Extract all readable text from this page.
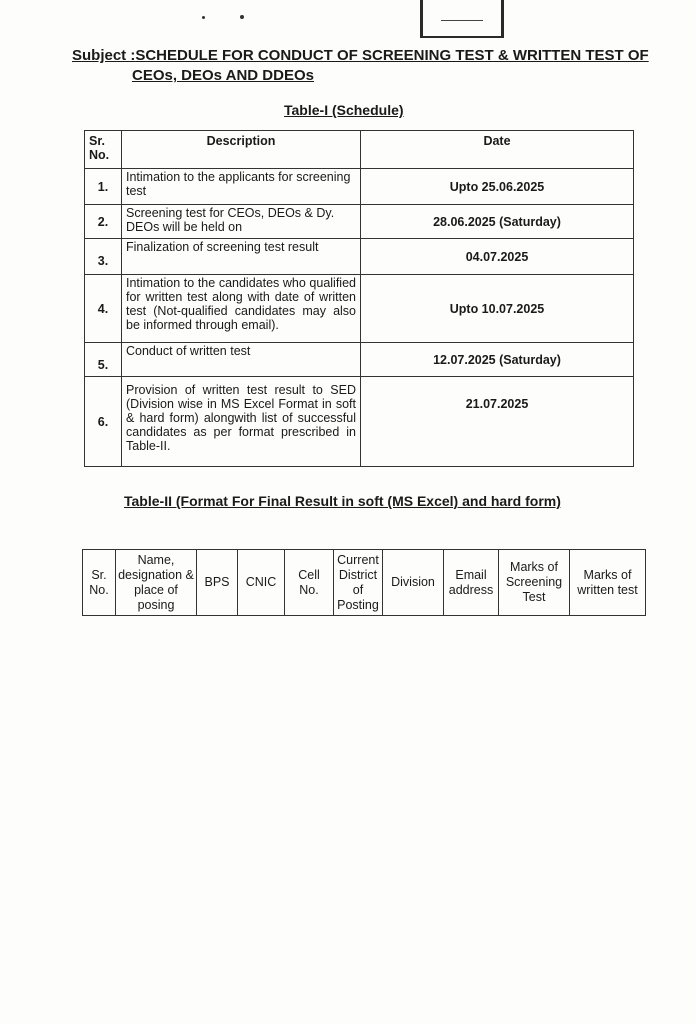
Subject :SCHEDULE FOR CONDUCT OF SCREENING TEST & WRITTEN TEST OF
CEOs, DEOs AND DDEOs
Table-I (Schedule)
Sr. No.	Description	Date
1.	Intimation to the applicants for screening test	Upto 25.06.2025
2.	Screening test for CEOs, DEOs & Dy. DEOs will be held on	28.06.2025 (Saturday)
3.	Finalization of screening test result	04.07.2025
4.	Intimation to the candidates who qualified for written test along with date of written test (Not-qualified candidates may also be informed through email).	Upto 10.07.2025
5.	Conduct of written test	12.07.2025 (Saturday)
6.	Provision of written test result to SED (Division wise in MS Excel Format in soft & hard form) alongwith list of successful candidates as per format prescribed in Table-II.	21.07.2025
Table-II (Format For Final Result in soft (MS Excel) and hard form)
Sr. No.	Name, designation & place of posing	BPS	CNIC	Cell No.	Current District of Posting	Division	Email address	Marks of Screening Test	Marks of written test
